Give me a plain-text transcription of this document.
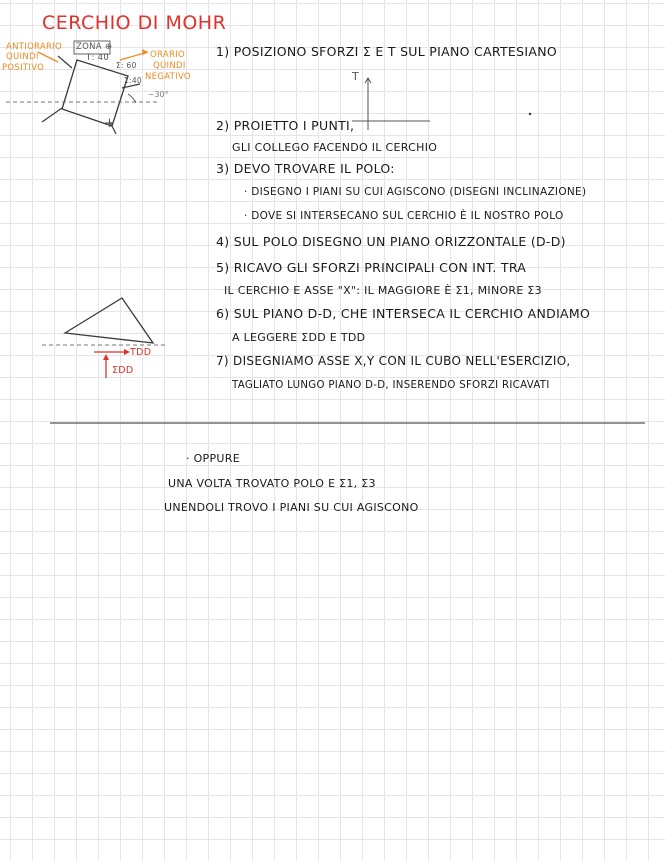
CERCHIO DI MOHR
ANTIORARIO
QUINDI
POSITIVO
ORARIO
QUINDI
NEGATIVO
ZONA ⊕
Τ: 40
Σ: 60
Σ:40
~30°
+
Τ
1) POSIZIONO SFORZI Σ E Τ SUL PIANO CARTESIANO
2) PROIETTO I PUNTI,
GLI COLLEGO FACENDO IL CERCHIO
3) DEVO TROVARE IL POLO:
· DISEGNO I PIANI SU CUI AGISCONO (DISEGNI INCLINAZIONE)
· DOVE SI INTERSECANO SUL CERCHIO È IL NOSTRO POLO
4) SUL POLO DISEGNO UN PIANO ORIZZONTALE (D-D)
5) RICAVO GLI SFORZI PRINCIPALI CON INT. TRA
IL CERCHIO E ASSE "X": IL MAGGIORE È Σ1, MINORE Σ3
6) SUL PIANO D-D, CHE INTERSECA IL CERCHIO ANDIAMO
A LEGGERE ΣDD E ΤDD
7) DISEGNIAMO ASSE X,Y CON IL CUBO NELL'ESERCIZIO,
TAGLIATO LUNGO PIANO D-D, INSERENDO SFORZI RICAVATI
ΤDD
ΣDD
· OPPURE
UNA VOLTA TROVATO POLO E Σ1, Σ3
UNENDOLI TROVO I PIANI SU CUI AGISCONO
